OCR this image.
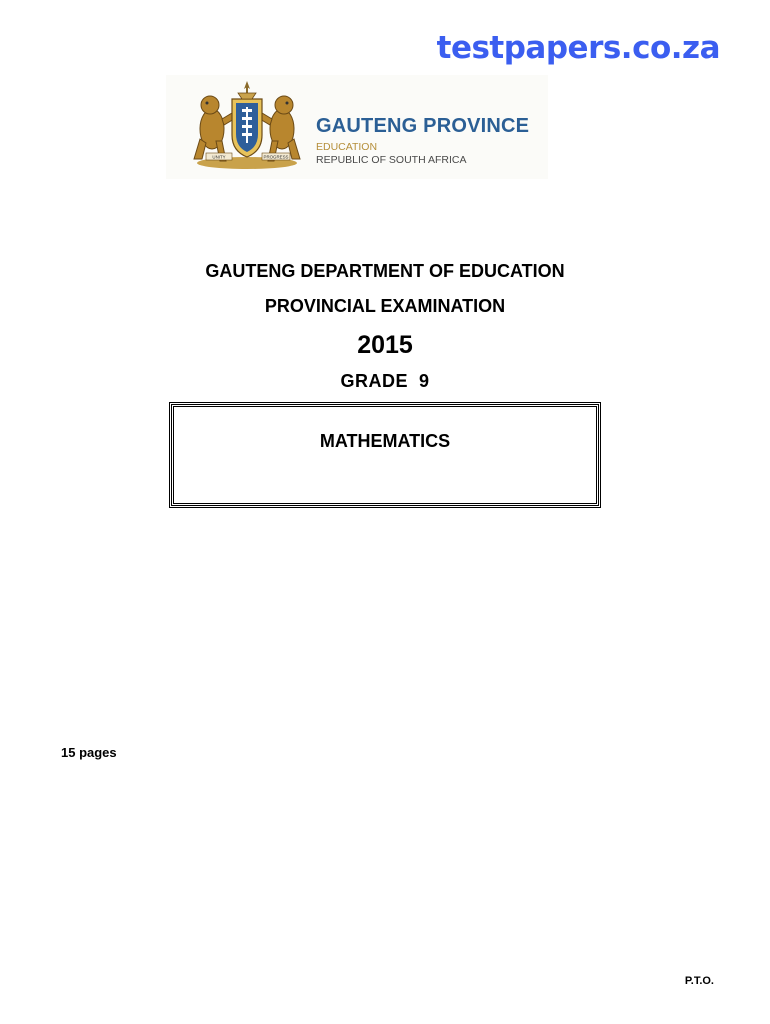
testpapers.co.za
UNITY	PROGRESS
GAUTENG PROVINCE
EDUCATION
REPUBLIC OF SOUTH AFRICA
GAUTENG DEPARTMENT OF EDUCATION
PROVINCIAL EXAMINATION
2015
GRADE  9
MATHEMATICS
15 pages
P.T.O.
